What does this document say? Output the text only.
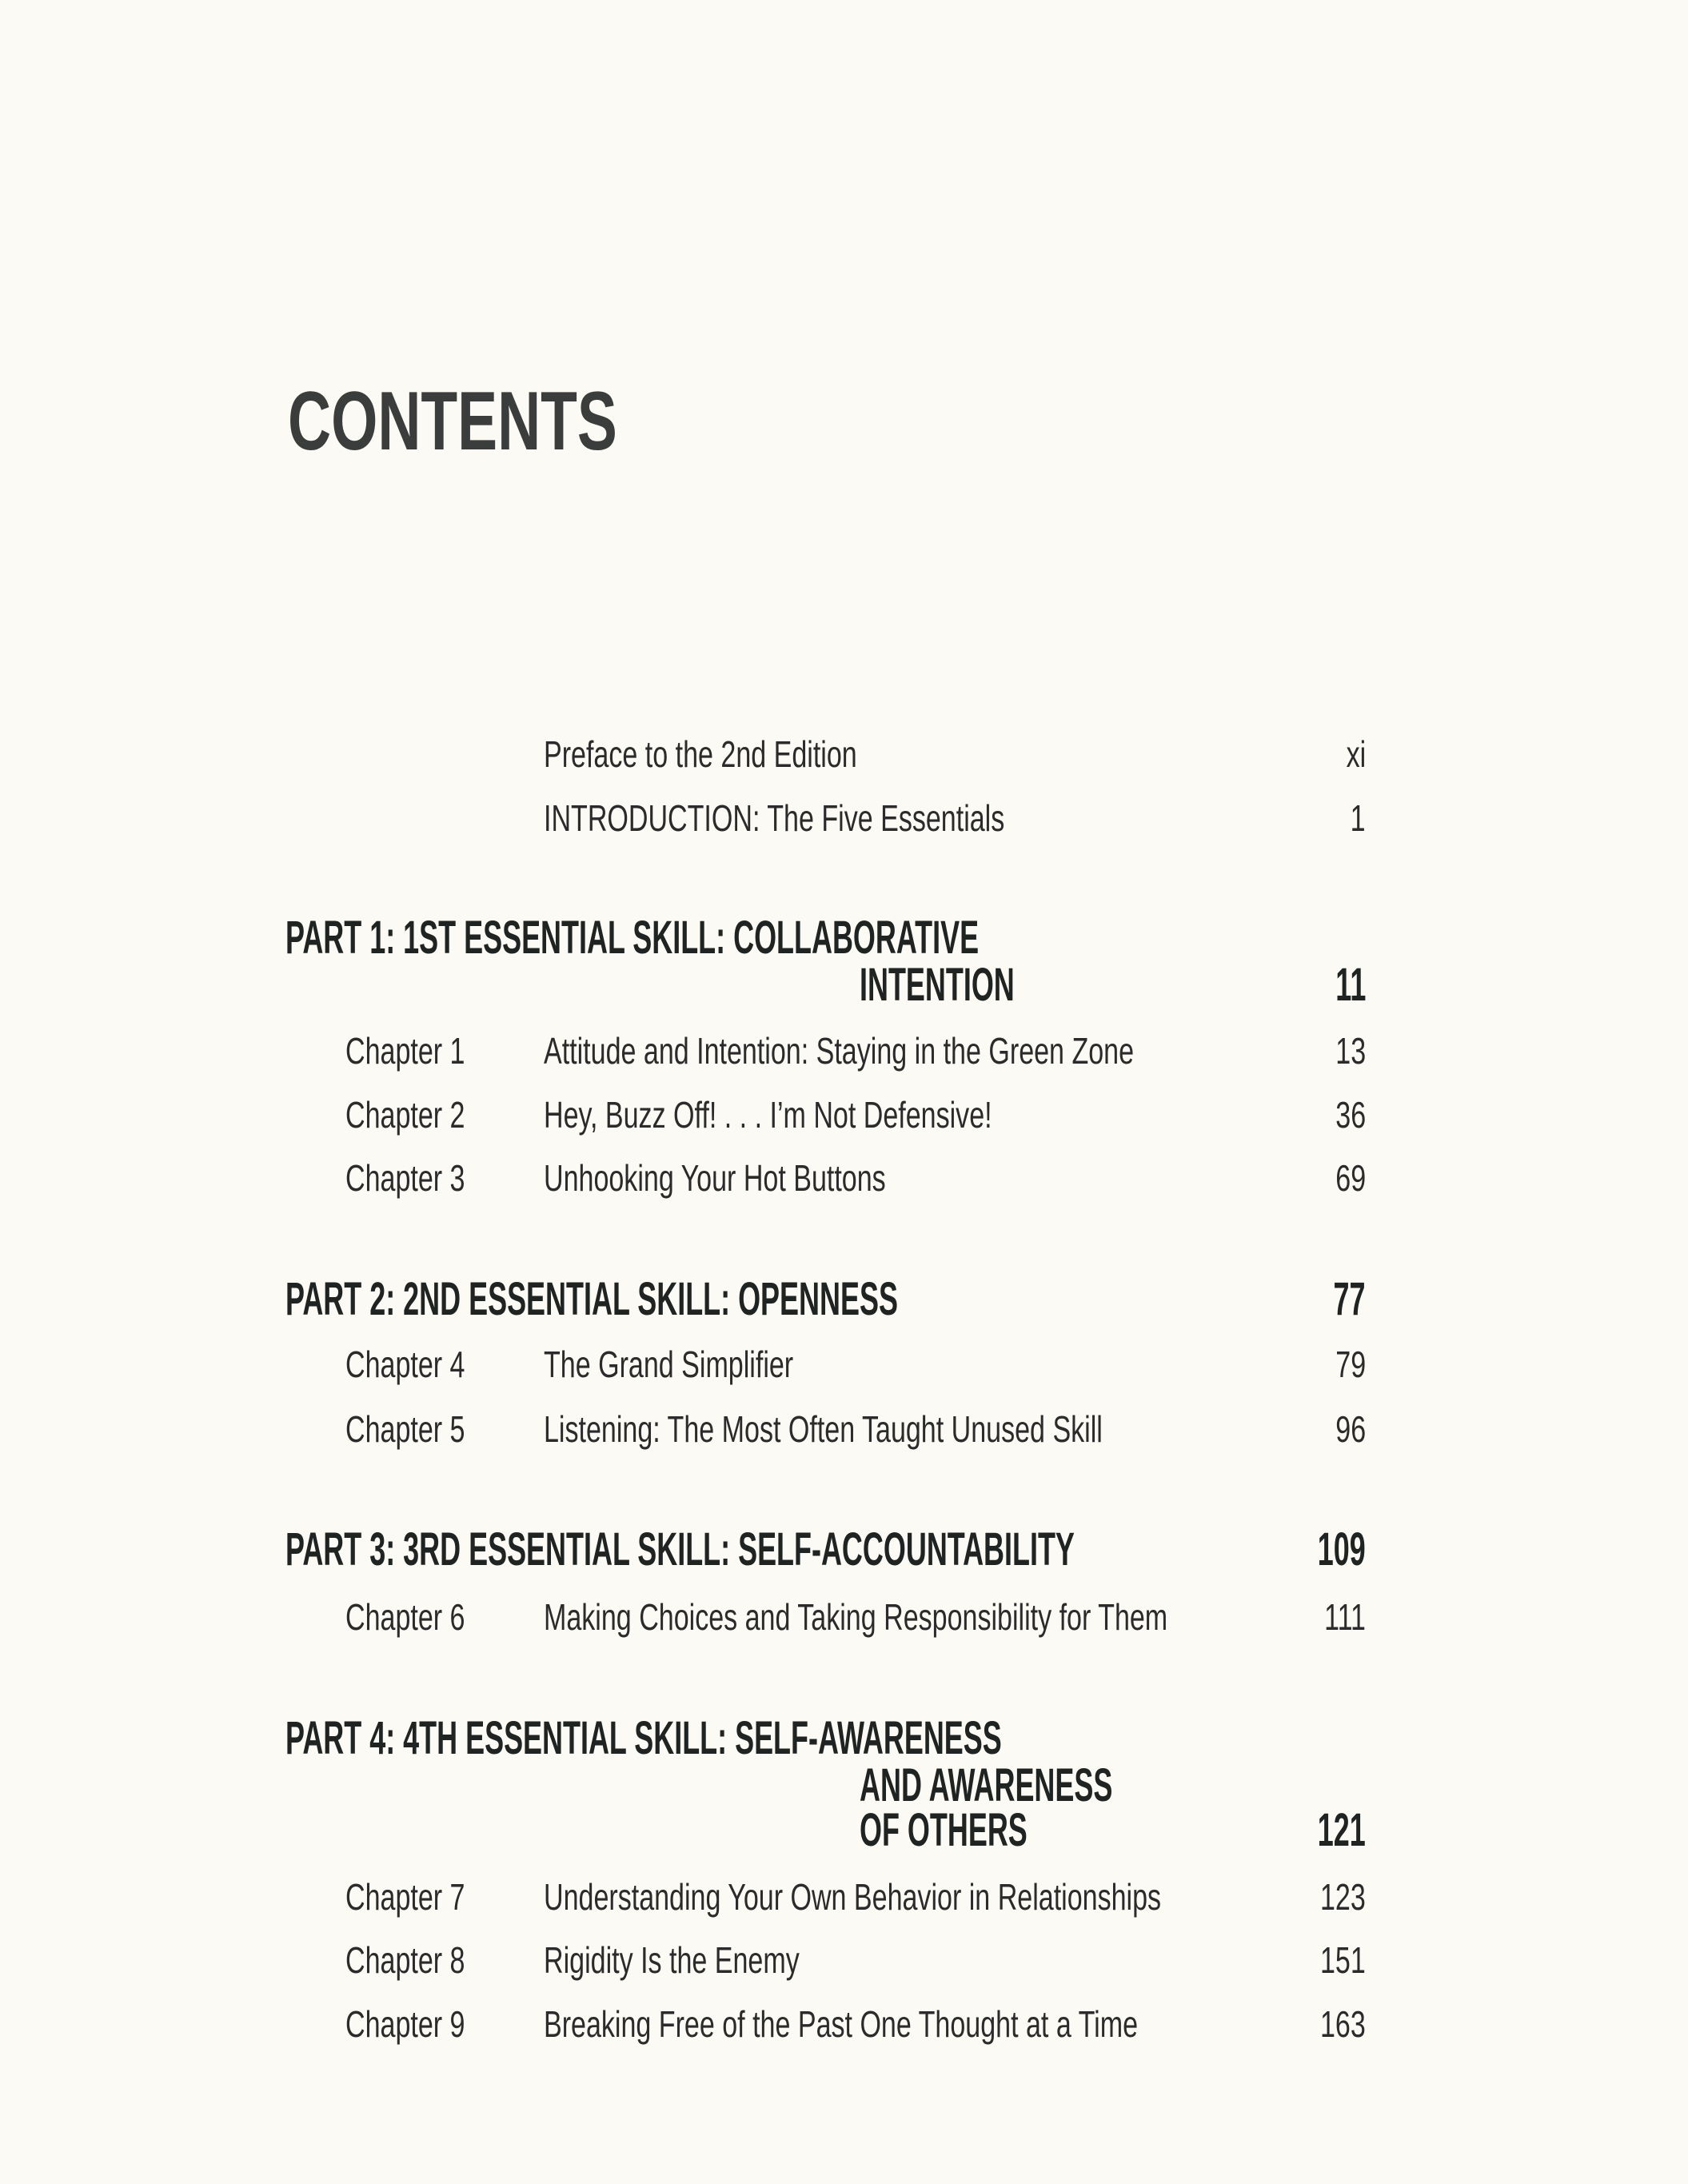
CONTENTS
Preface to the 2nd Edition	xi
INTRODUCTION: The Five Essentials	1
PART 1: 1ST ESSENTIAL SKILL: COLLABORATIVE
INTENTION	11
Chapter 1	Attitude and Intention: Staying in the Green Zone	13
Chapter 2	Hey, Buzz Off! . . . I’m Not Defensive!	36
Chapter 3	Unhooking Your Hot Buttons	69
PART 2: 2ND ESSENTIAL SKILL: OPENNESS	77
Chapter 4	The Grand Simplifier	79
Chapter 5	Listening: The Most Often Taught Unused Skill	96
PART 3: 3RD ESSENTIAL SKILL: SELF-ACCOUNTABILITY	109
Chapter 6	Making Choices and Taking Responsibility for Them	111
PART 4: 4TH ESSENTIAL SKILL: SELF-AWARENESS
AND AWARENESS
OF OTHERS	121
Chapter 7	Understanding Your Own Behavior in Relationships	123
Chapter 8	Rigidity Is the Enemy	151
Chapter 9	Breaking Free of the Past One Thought at a Time	163
